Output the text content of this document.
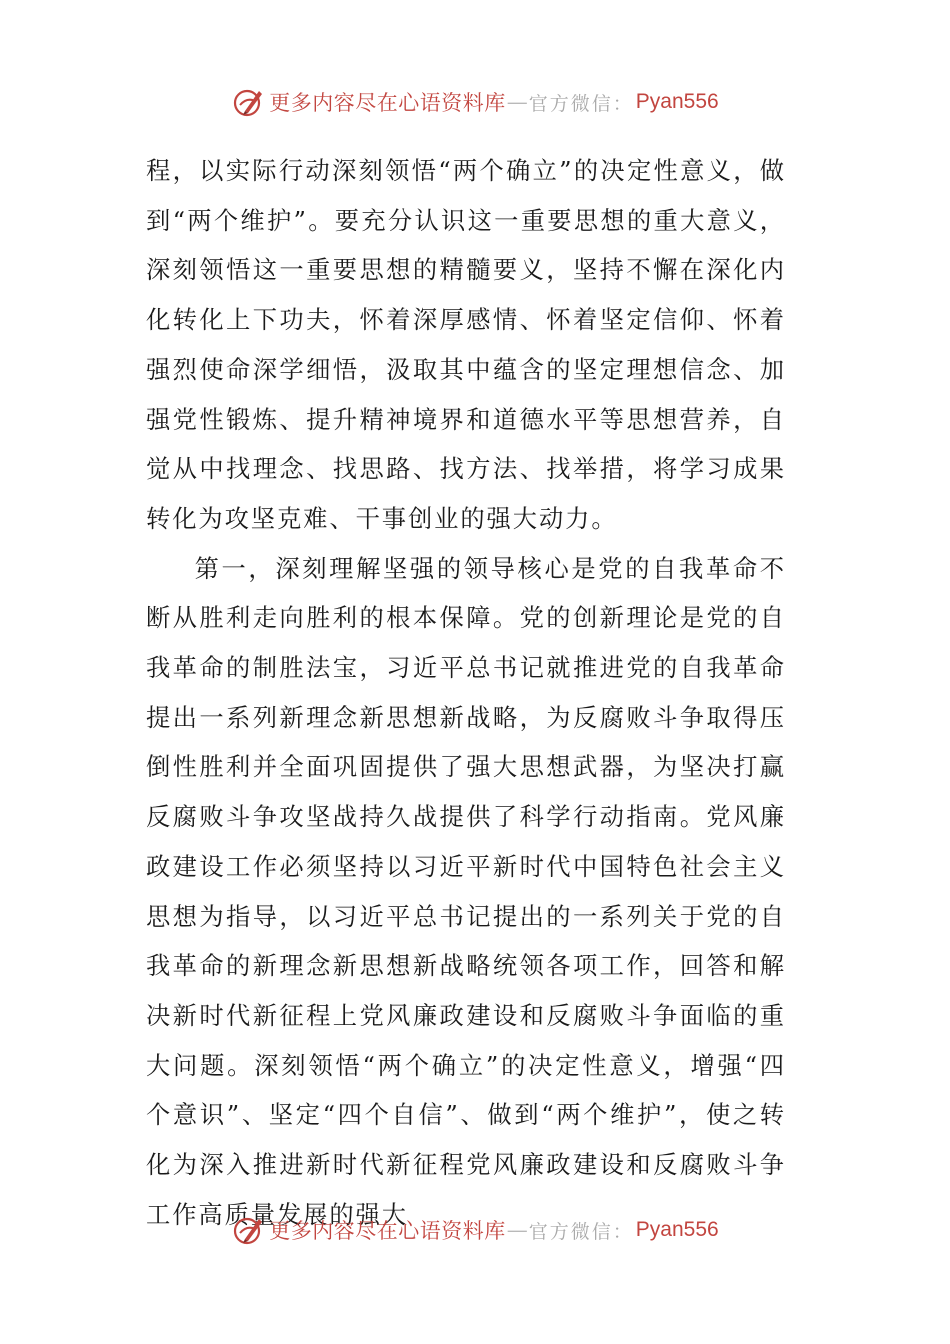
更多内容尽在心语资料库 — 官方微信： Pyan556

程，以实际行动深刻领悟“两个确立”的决定性意义，做到“两个维护”。要充分认识这一重要思想的重大意义，深刻领悟这一重要思想的精髓要义，坚持不懈在深化内化转化上下功夫，怀着深厚感情、怀着坚定信仰、怀着强烈使命深学细悟，汲取其中蕴含的坚定理想信念、加强党性锻炼、提升精神境界和道德水平等思想营养，自觉从中找理念、找思路、找方法、找举措，将学习成果转化为攻坚克难、干事创业的强大动力。

第一，深刻理解坚强的领导核心是党的自我革命不断从胜利走向胜利的根本保障。党的创新理论是党的自我革命的制胜法宝，习近平总书记就推进党的自我革命提出一系列新理念新思想新战略，为反腐败斗争取得压倒性胜利并全面巩固提供了强大思想武器，为坚决打赢反腐败斗争攻坚战持久战提供了科学行动指南。党风廉政建设工作必须坚持以习近平新时代中国特色社会主义思想为指导，以习近平总书记提出的一系列关于党的自我革命的新理念新思想新战略统领各项工作，回答和解决新时代新征程上党风廉政建设和反腐败斗争面临的重大问题。深刻领悟“两个确立”的决定性意义，增强“四个意识”、坚定“四个自信”、做到“两个维护”，使之转化为深入推进新时代新征程党风廉政建设和反腐败斗争工作高质量发展的强大

更多内容尽在心语资料库 — 官方微信： Pyan556
